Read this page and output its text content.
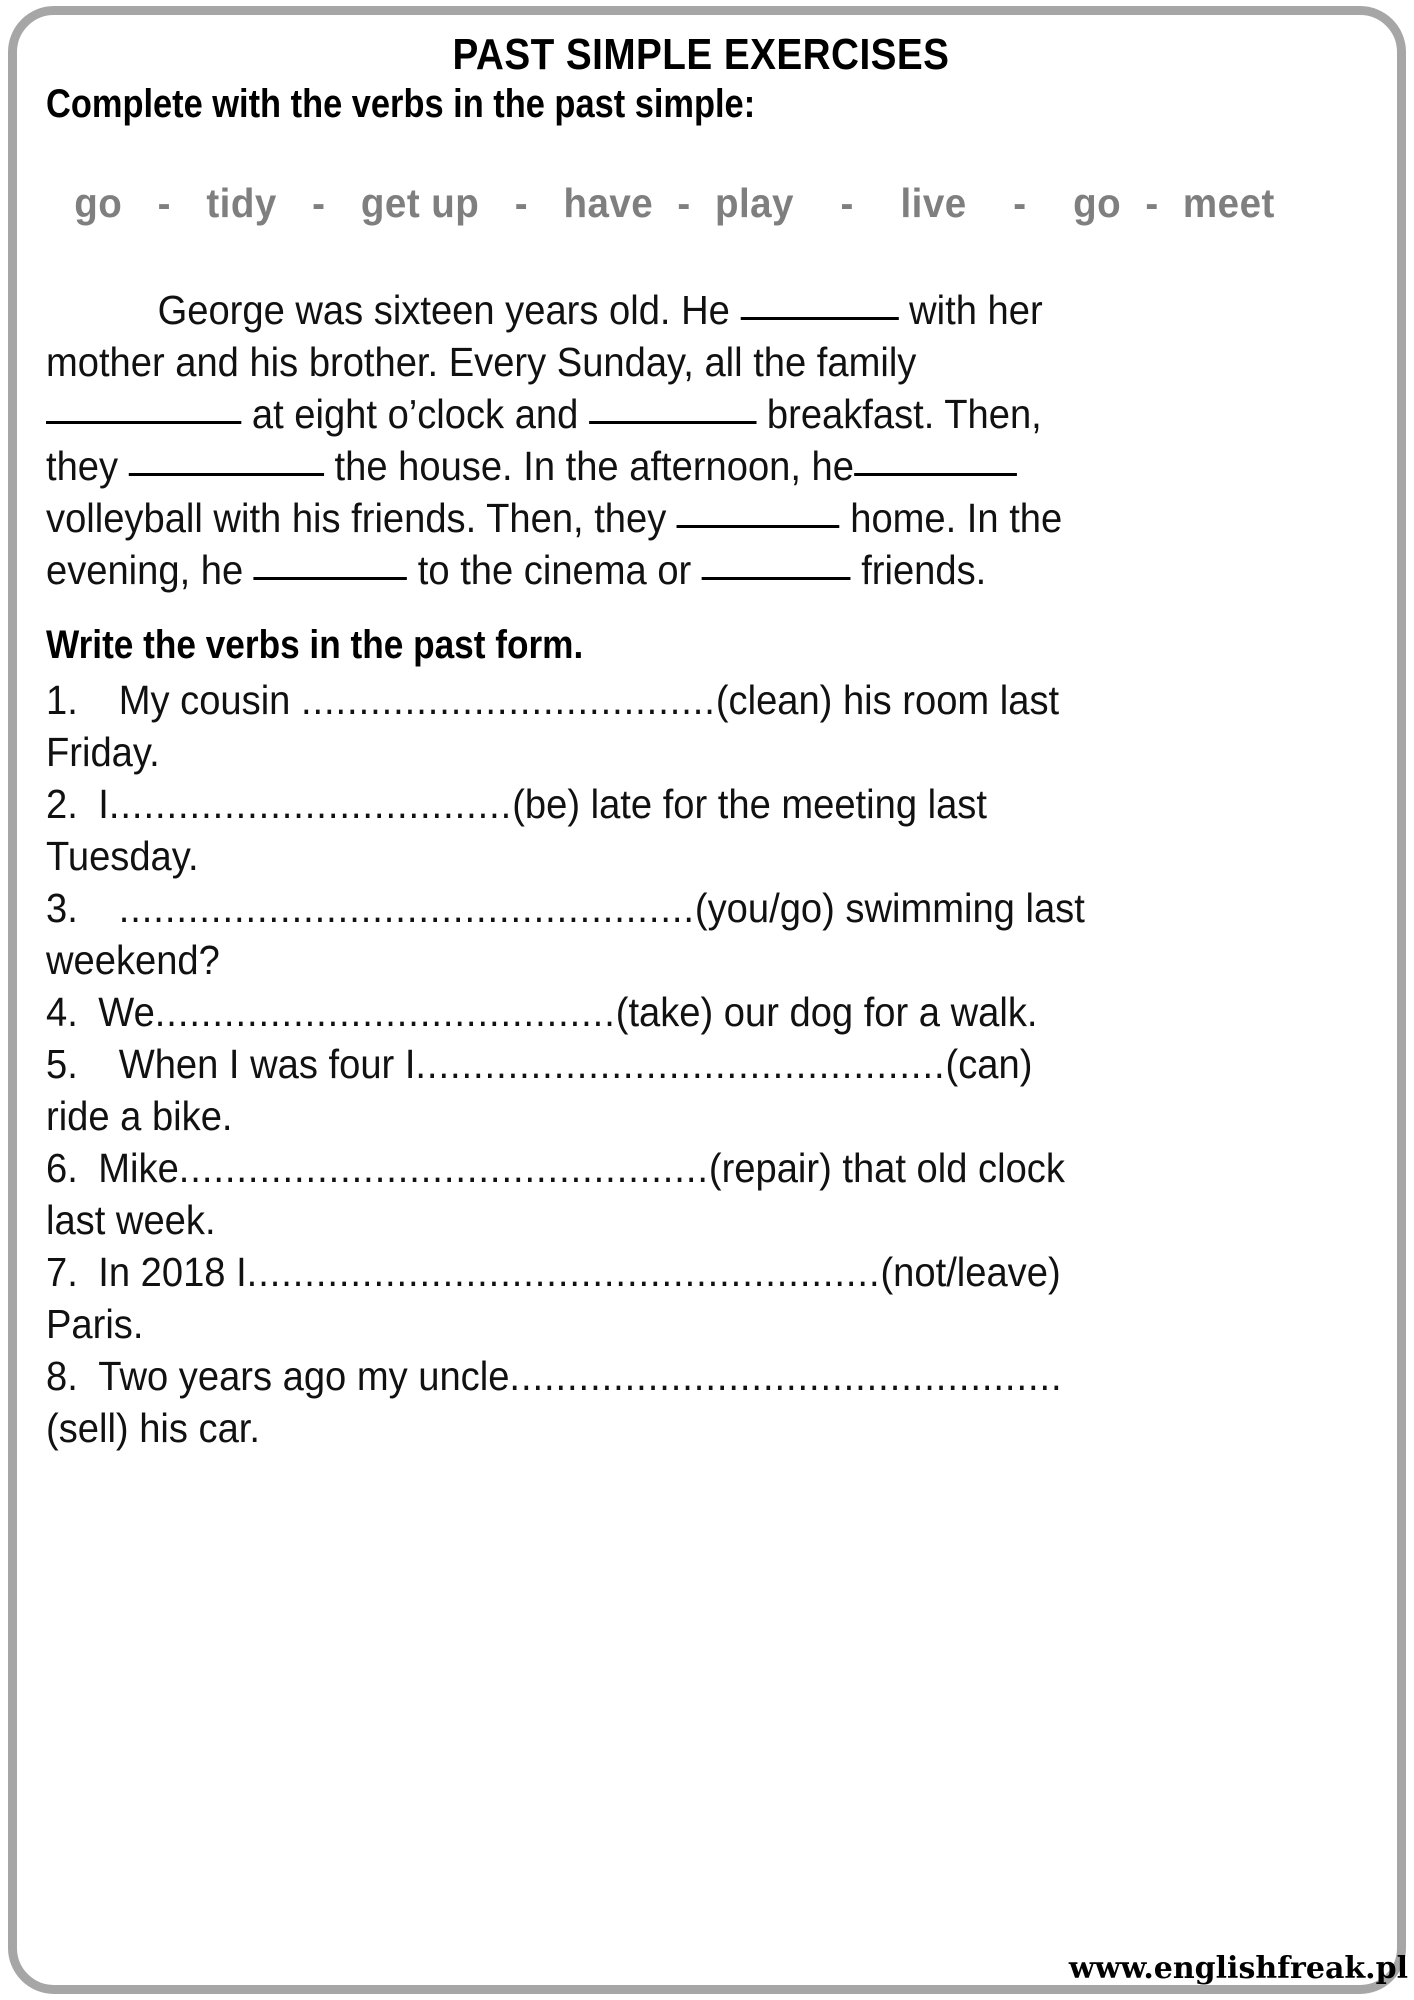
PAST SIMPLE EXERCISES
Complete with the verbs in the past simple:
go   -   tidy   -   get up   -   have  -  play    -    live    -    go  -  meet
George was sixteen years old. He	with her mother and his brother. Every Sunday, all the family  at eight o’clock and	breakfast. Then, they	the house. In the afternoon, he volleyball with his friends. Then, they	home. In the evening, he	to the cinema or	friends.
Write the verbs in the past form.
1. My cousin ....................................(clean) his room last Friday.
2. I...................................(be) late for the meeting last Tuesday.
3. ..................................................(you/go) swimming last weekend?
4. We........................................(take) our dog for a walk.
5. When I was four I..............................................(can) ride a bike.
6. Mike..............................................(repair) that old clock last week.
7. In 2018 I.......................................................(not/leave) Paris.
8. Two years ago my uncle................................................(sell) his car.
www.englishfreak.pl
